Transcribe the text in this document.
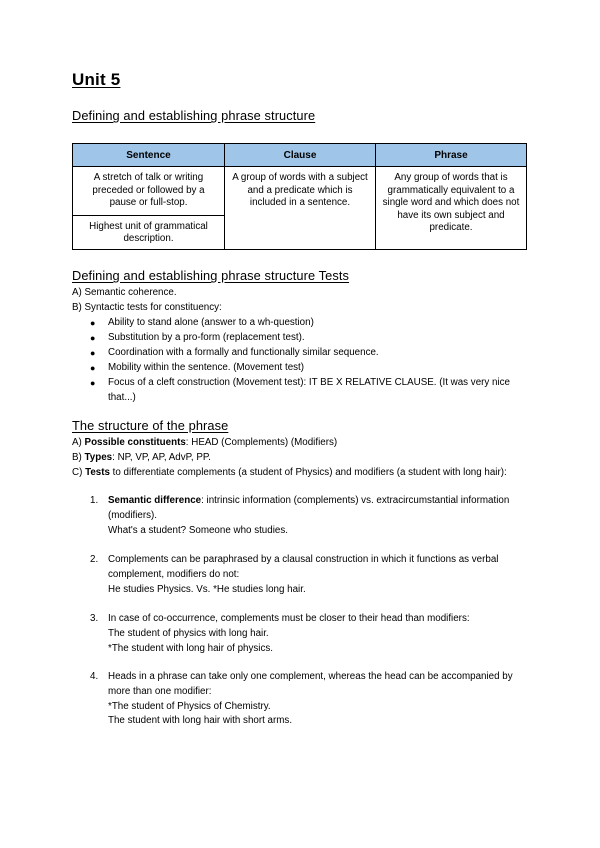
Unit 5
Defining and establishing phrase structure
Sentence	Clause	Phrase
A stretch of talk or writing preceded or followed by a pause or full-stop.	A group of words with a subject and a predicate which is included in a sentence.	Any group of words that is grammatically equivalent to a single word and which does not have its own subject and predicate.
Highest unit of grammatical description.		
Defining and establishing phrase structure Tests
A) Semantic coherence.
B) Syntactic tests for constituency:
● Ability to stand alone (answer to a wh-question)
● Substitution by a pro-form (replacement test).
● Coordination with a formally and functionally similar sequence.
● Mobility within the sentence. (Movement test)
● Focus of a cleft construction (Movement test): IT BE X RELATIVE CLAUSE. (It was very nice that...)
The structure of the phrase
A) Possible constituents: HEAD (Complements) (Modifiers)
B) Types: NP, VP, AP, AdvP, PP.
C) Tests to differentiate complements (a student of Physics) and modifiers (a student with long hair):
1. Semantic difference: intrinsic information (complements) vs. extracircumstantial information (modifiers).
What's a student? Someone who studies.
2. Complements can be paraphrased by a clausal construction in which it functions as verbal complement, modifiers do not:
He studies Physics. Vs. *He studies long hair.
3. In case of co-occurrence, complements must be closer to their head than modifiers:
The student of physics with long hair.
*The student with long hair of physics.
4. Heads in a phrase can take only one complement, whereas the head can be accompanied by more than one modifier:
*The student of Physics of Chemistry.
The student with long hair with short arms.
